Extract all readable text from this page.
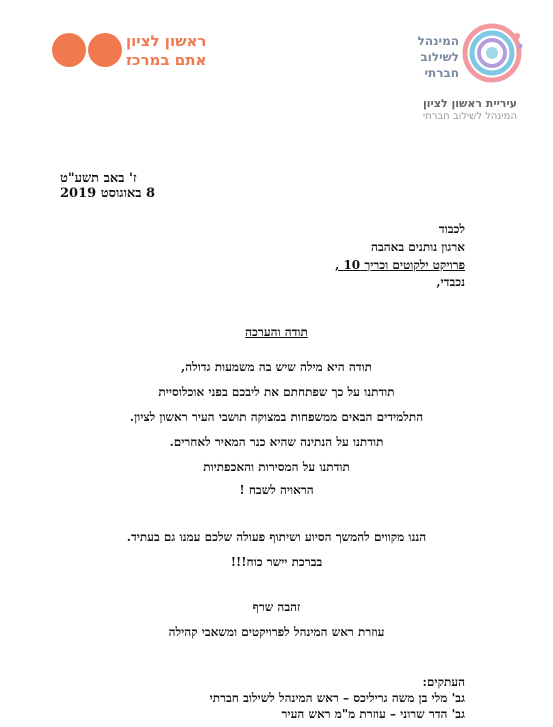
ראשון לציון
אתם במרכז
המינהל
לשילוב
חברתי
עיריית ראשון לציון
המינהל לשילוב חברתי
ז' באב תשע"ט
8 באוגוסט 2019
לכבוד
ארגון נותנים באהבה
פרויקט ילקוטים וכריך 10 ,
נכבדי,
תודה והערכה
תודה היא מילה שיש בה משמעות גדולה,
תודתנו על כך שפתחתם את ליבכם בפני אוכלוסיית
התלמידים הבאים ממשפחות במצוקה תושבי העיר ראשון לציון.
תודתנו על הנתינה שהיא כנר המאיר לאחרים.
תודתנו על המסירות והאכפתיות
הראויה לשבח !
הננו מקווים להמשך הסיוע ושיתוף פעולה שלכם עמנו גם בעתיד.
בברכת יישר כוח!!!
זהבה שרף
עוזרת ראש המינהל לפרויקטים ומשאבי קהילה
העתקים:
גב' מלי בן משה גריליכס – ראש המינהל לשילוב חברתי
גב' הדר שרוני – עוזרת מ"מ ראש העיר
